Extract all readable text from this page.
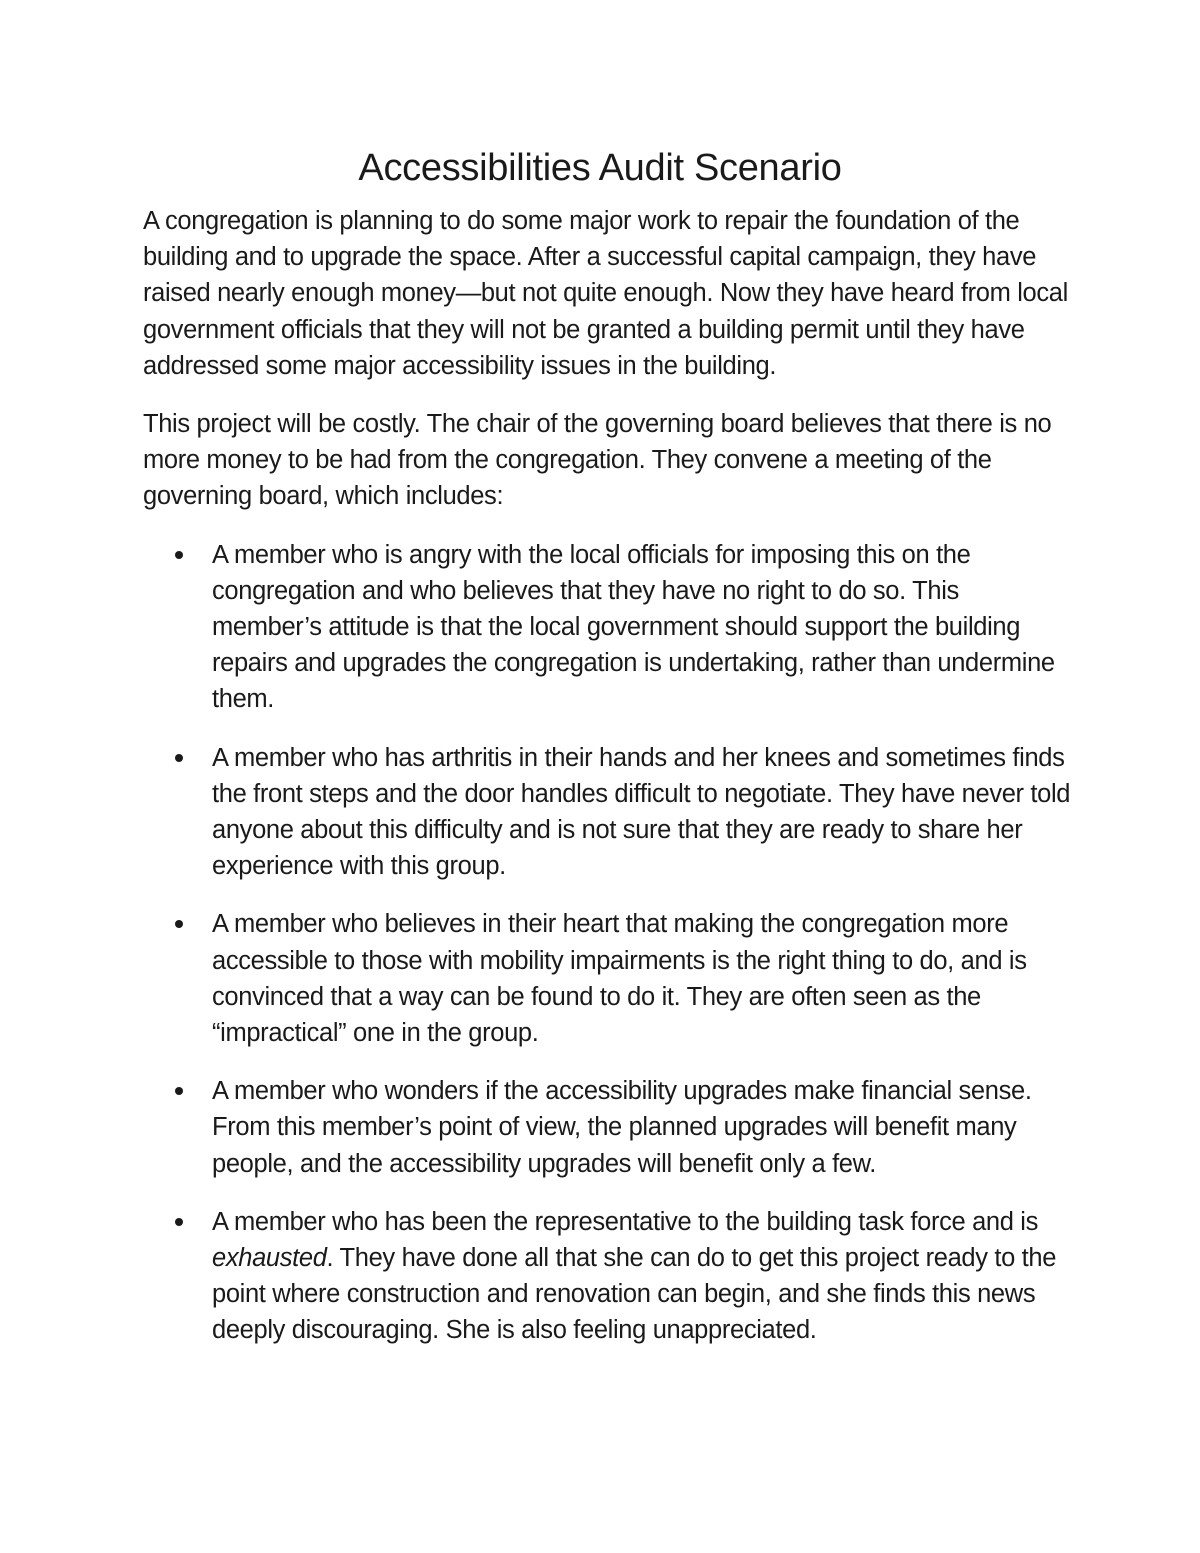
Accessibilities Audit Scenario

A congregation is planning to do some major work to repair the foundation of the building and to upgrade the space. After a successful capital campaign, they have raised nearly enough money—but not quite enough. Now they have heard from local government officials that they will not be granted a building permit until they have addressed some major accessibility issues in the building.

This project will be costly. The chair of the governing board believes that there is no more money to be had from the congregation. They convene a meeting of the governing board, which includes:

A member who is angry with the local officials for imposing this on the congregation and who believes that they have no right to do so. This member’s attitude is that the local government should support the building repairs and upgrades the congregation is undertaking, rather than undermine them.
A member who has arthritis in their hands and her knees and sometimes finds the front steps and the door handles difficult to negotiate. They have never told anyone about this difficulty and is not sure that they are ready to share her experience with this group.
A member who believes in their heart that making the congregation more accessible to those with mobility impairments is the right thing to do, and is convinced that a way can be found to do it. They are often seen as the “impractical” one in the group.
A member who wonders if the accessibility upgrades make financial sense. From this member’s point of view, the planned upgrades will benefit many people, and the accessibility upgrades will benefit only a few.
A member who has been the representative to the building task force and is exhausted. They have done all that she can do to get this project ready to the point where construction and renovation can begin, and she finds this news deeply discouraging. She is also feeling unappreciated.
